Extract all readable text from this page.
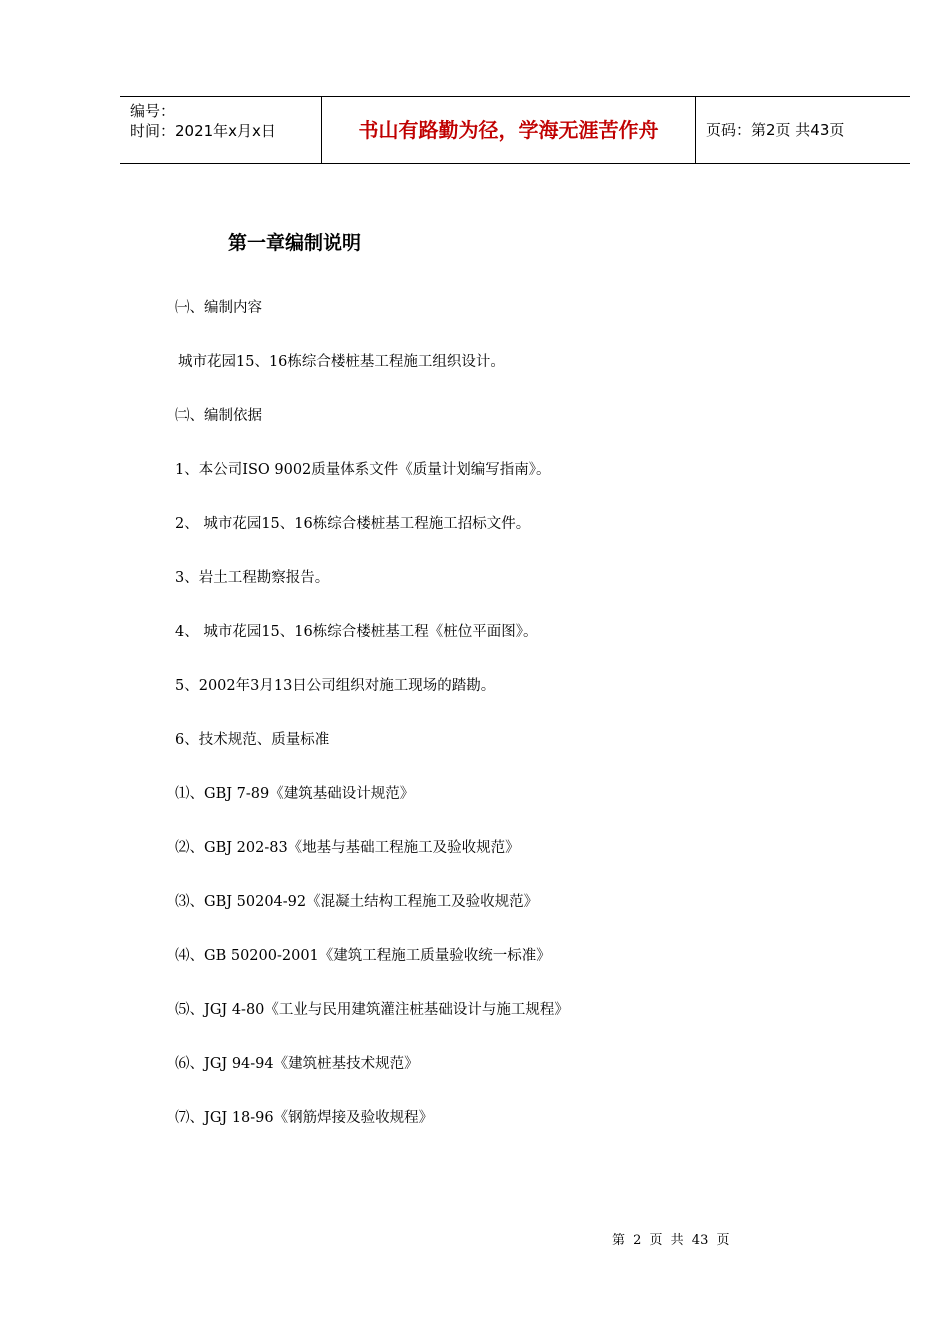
编号：
时间：2021年x月x日	书山有路勤为径，学海无涯苦作舟	页码：第2页 共43页
第一章编制说明
㈠、编制内容
城市花园15、16栋综合楼桩基工程施工组织设计。
㈡、编制依据
1、本公司ISO 9002质量体系文件《质量计划编写指南》。
2、 城市花园15、16栋综合楼桩基工程施工招标文件。
3、岩土工程勘察报告。
4、 城市花园15、16栋综合楼桩基工程《桩位平面图》。
5、2002年3月13日公司组织对施工现场的踏勘。
6、技术规范、质量标准
⑴、GBJ 7-89《建筑基础设计规范》
⑵、GBJ 202-83《地基与基础工程施工及验收规范》
⑶、GBJ 50204-92《混凝土结构工程施工及验收规范》
⑷、GB 50200-2001《建筑工程施工质量验收统一标准》
⑸、JGJ 4-80《工业与民用建筑灌注桩基础设计与施工规程》
⑹、JGJ 94-94《建筑桩基技术规范》
⑺、JGJ 18-96《钢筋焊接及验收规程》
第 2 页 共 43 页
